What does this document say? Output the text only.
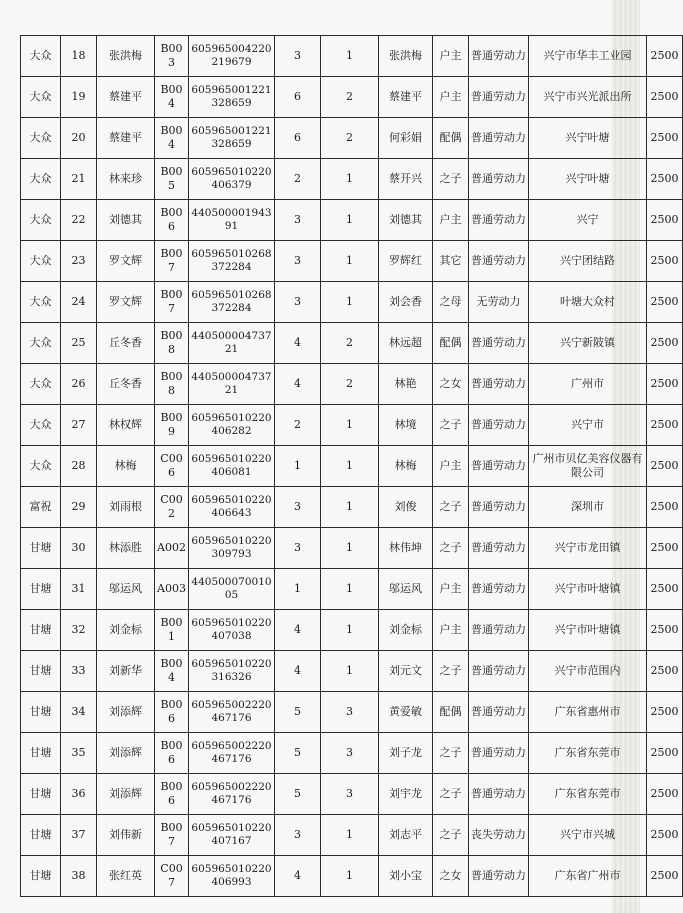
大众	18	张洪梅	B003	605965004220219679	3	1	张洪梅	户主	普通劳动力	兴宁市华丰工业园	2500
大众	19	蔡建平	B004	605965001221328659	6	2	蔡建平	户主	普通劳动力	兴宁市兴光派出所	2500
大众	20	蔡建平	B004	605965001221328659	6	2	何彩娟	配偶	普通劳动力	兴宁叶塘	2500
大众	21	林来珍	B005	605965010220406379	2	1	蔡开兴	之子	普通劳动力	兴宁叶塘	2500
大众	22	刘德其	B006	44050000194391	3	1	刘德其	户主	普通劳动力	兴宁	2500
大众	23	罗文辉	B007	605965010268372284	3	1	罗辉红	其它	普通劳动力	兴宁团结路	2500
大众	24	罗文辉	B007	605965010268372284	3	1	刘会香	之母	无劳动力	叶塘大众村	2500
大众	25	丘冬香	B008	44050000473721	4	2	林远超	配偶	普通劳动力	兴宁新陂镇	2500
大众	26	丘冬香	B008	44050000473721	4	2	林艳	之女	普通劳动力	广州市	2500
大众	27	林权辉	B009	605965010220406282	2	1	林境	之子	普通劳动力	兴宁市	2500
大众	28	林梅	C006	605965010220406081	1	1	林梅	户主	普通劳动力	广州市贝亿美容仪器有限公司	2500
富祝	29	刘雨根	C002	605965010220406643	3	1	刘俊	之子	普通劳动力	深圳市	2500
甘塘	30	林添胜	A002	605965010220309793	3	1	林伟坤	之子	普通劳动力	兴宁市龙田镇	2500
甘塘	31	邬运风	A003	44050007001005	1	1	邬运风	户主	普通劳动力	兴宁市叶塘镇	2500
甘塘	32	刘金标	B001	605965010220407038	4	1	刘金标	户主	普通劳动力	兴宁市叶塘镇	2500
甘塘	33	刘新华	B004	605965010220316326	4	1	刘元文	之子	普通劳动力	兴宁市范围内	2500
甘塘	34	刘添辉	B006	605965002220467176	5	3	黄爱敏	配偶	普通劳动力	广东省惠州市	2500
甘塘	35	刘添辉	B006	605965002220467176	5	3	刘子龙	之子	普通劳动力	广东省东莞市	2500
甘塘	36	刘添辉	B006	605965002220467176	5	3	刘宇龙	之子	普通劳动力	广东省东莞市	2500
甘塘	37	刘伟新	B007	605965010220407167	3	1	刘志平	之子	丧失劳动力	兴宁市兴城	2500
甘塘	38	张红英	C007	605965010220406993	4	1	刘小宝	之女	普通劳动力	广东省广州市	2500
